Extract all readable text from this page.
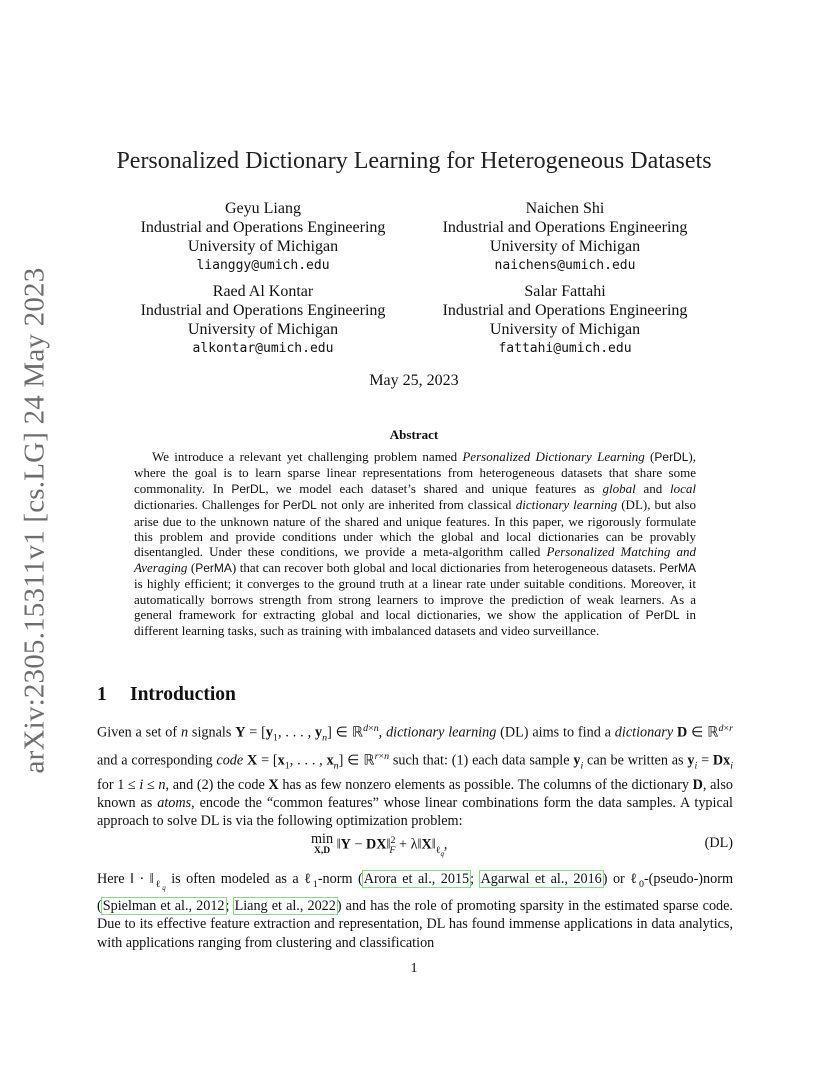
arXiv:2305.15311v1 [cs.LG] 24 May 2023
Personalized Dictionary Learning for Heterogeneous Datasets
Geyu Liang
Industrial and Operations Engineering
University of Michigan
lianggy@umich.edu
Naichen Shi
Industrial and Operations Engineering
University of Michigan
naichens@umich.edu
Raed Al Kontar
Industrial and Operations Engineering
University of Michigan
alkontar@umich.edu
Salar Fattahi
Industrial and Operations Engineering
University of Michigan
fattahi@umich.edu
May 25, 2023
Abstract
We introduce a relevant yet challenging problem named Personalized Dictionary Learning (PerDL), where the goal is to learn sparse linear representations from heterogeneous datasets that share some commonality. In PerDL, we model each dataset’s shared and unique features as global and local dictionaries. Challenges for PerDL not only are inherited from classical dictionary learning (DL), but also arise due to the unknown nature of the shared and unique features. In this paper, we rigorously formulate this problem and provide conditions under which the global and local dictionaries can be provably disentangled. Under these conditions, we provide a meta-algorithm called Personalized Matching and Averaging (PerMA) that can recover both global and local dictionaries from heterogeneous datasets. PerMA is highly efficient; it converges to the ground truth at a linear rate under suitable conditions. Moreover, it automatically borrows strength from strong learners to improve the prediction of weak learners. As a general framework for extracting global and local dictionaries, we show the application of PerDL in different learning tasks, such as training with imbalanced datasets and video surveillance.
1 Introduction

Given a set of n signals $Y = [y_1$, . . . , $y_n$] ∈ ℝ$^{d\times n}$, dictionary learning (DL) aims to find a dictionary D ∈ ℝ$^{d\times r}$ and a corresponding code $X = [x_1$, . . . , $x_n$] ∈ ℝ$^{r\times n}$ such that: (1) each data sample $y_i$ can be written as $y_i = Dx_i$ for 1 ≤ i ≤ n, and (2) the code X has as few nonzero elements as possible. The columns of the dictionary D, also known as atoms, encode the “common features” whose linear combinations form the data samples. A typical approach to solve DL is via the following optimization problem:

min
X,D ‖Y − DX‖$^2_F$ + $\lambda‖X‖_{\ell_q}$,	(DL)

Here ‖ · $‖_{\ell_q}$ is often modeled as a ℓ$_1$-norm (Arora et al., 2015; Agarwal et al., 2016) or ℓ$_0$-(pseudo-)norm (Spielman et al., 2012; Liang et al., 2022) and has the role of promoting sparsity in the estimated sparse code. Due to its effective feature extraction and representation, DL has found immense applications in data analytics, with applications ranging from clustering and classification

1
